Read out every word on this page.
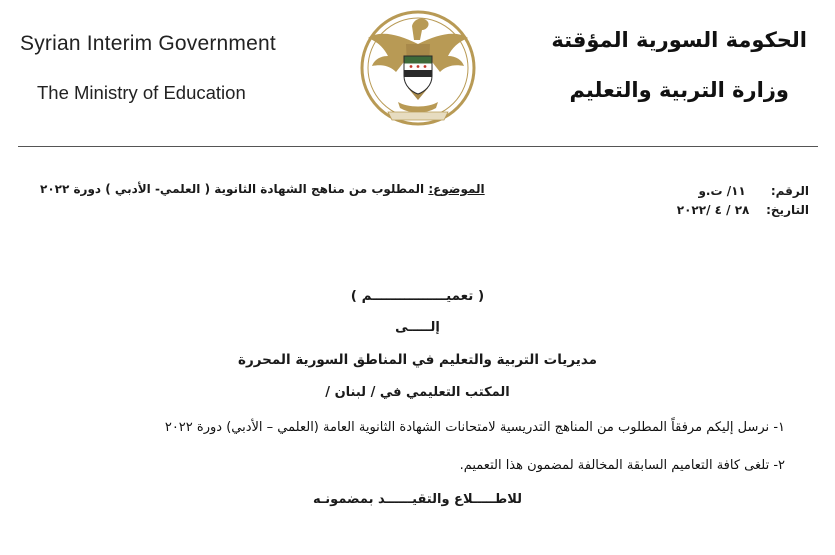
Syrian Interim Government
The Ministry of Education
الحكومة السورية المؤقتة
وزارة التربية والتعليم
الرقم:      ١١/ ت.و
التاريخ:    ٢٨ / ٤ /٢٠٢٢
الموضوع: المطلوب من مناهج الشهادة الثانوية ( العلمي- الأدبي ) دورة ٢٠٢٢
( تعميــــــــــــــــم )
إلـــــى
مديريات التربية والتعليم في المناطق السورية المحررة
المكتب التعليمي في / لبنان /
١- نرسل إليكم مرفقاً المطلوب من المناهج التدريسية لامتحانات الشهادة الثانوية العامة (العلمي – الأدبي) دورة ٢٠٢٢
٢- تلغى كافة التعاميم السابقة المخالفة لمضمون هذا التعميم.
للاطـــــلاع والتقيــــــد بمضمونـه
